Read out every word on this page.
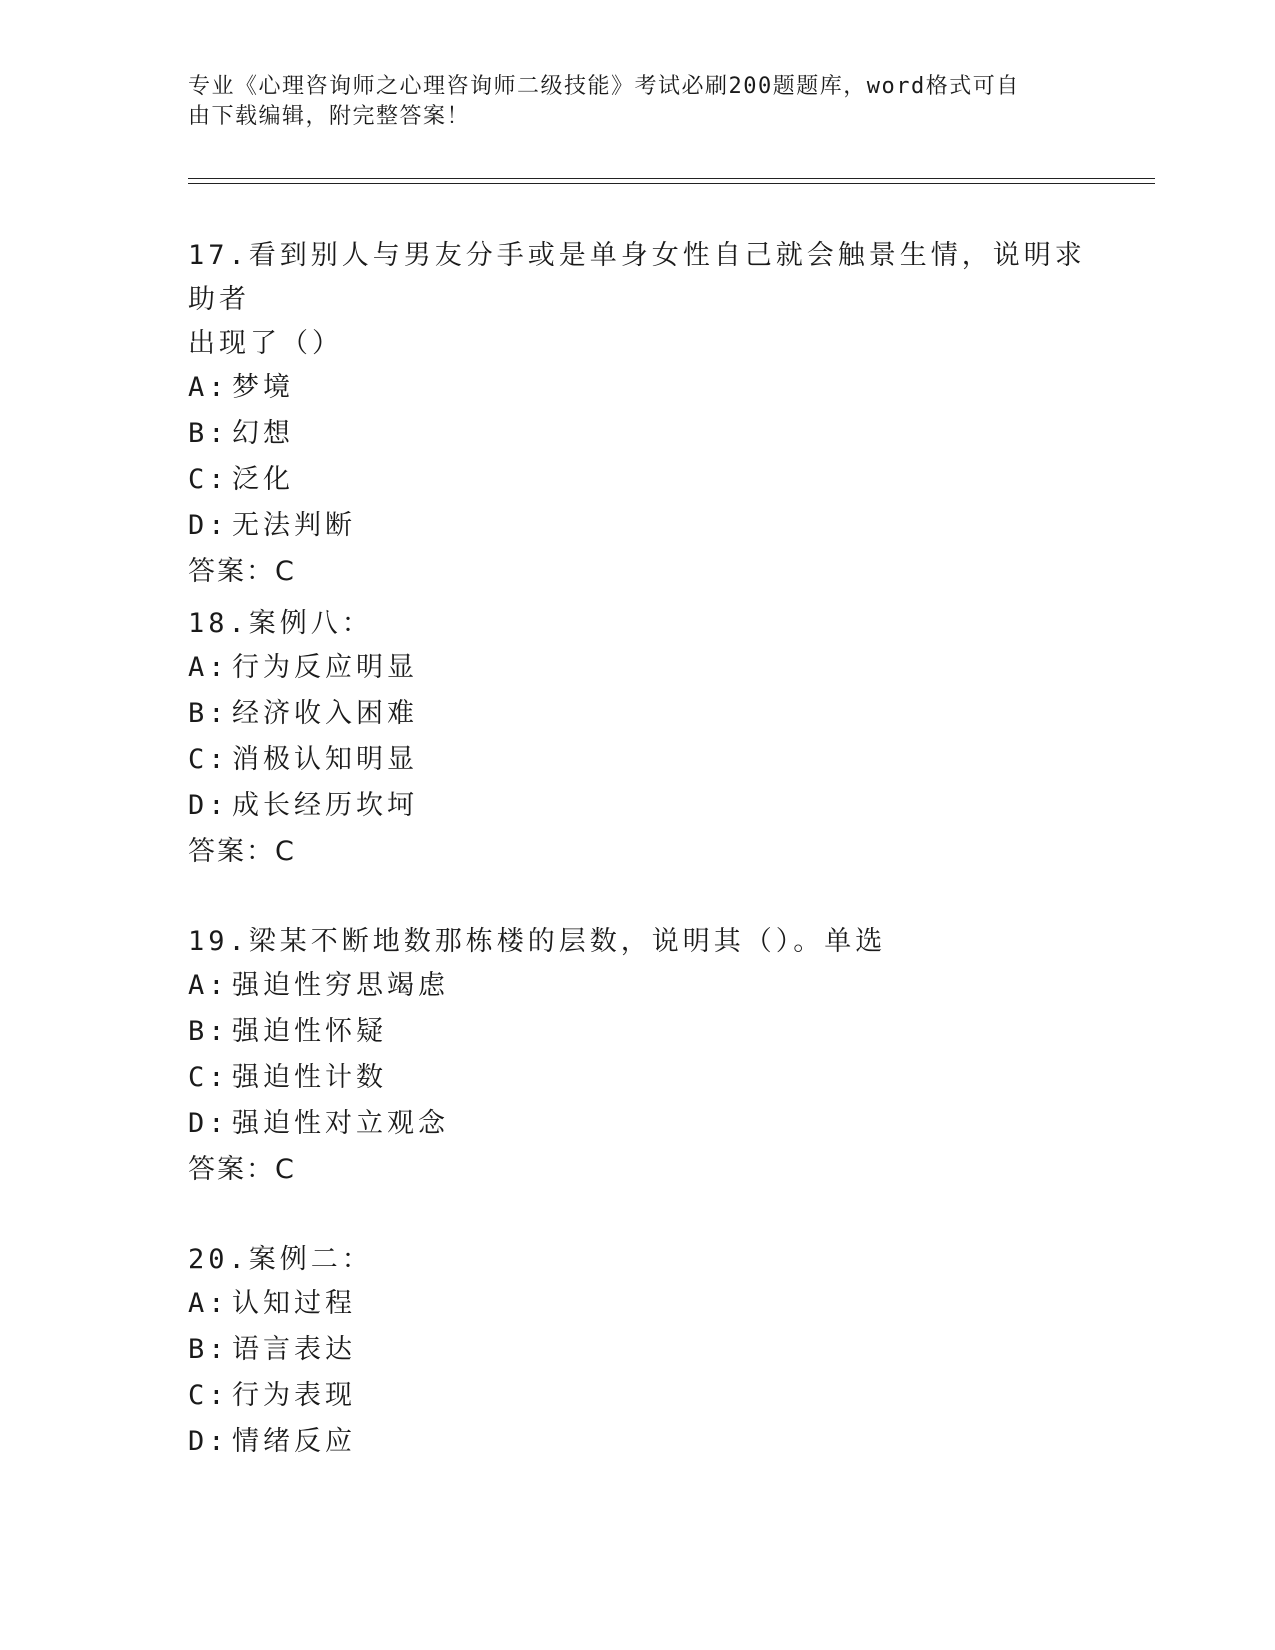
专业《心理咨询师之心理咨询师二级技能》考试必刷200题题库，word格式可自
由下载编辑，附完整答案！
17.看到别人与男友分手或是单身女性自己就会触景生情，说明求助者
出现了（）
A: 梦境
B: 幻想
C: 泛化
D: 无法判断
答案：C
18.案例八：
A: 行为反应明显
B: 经济收入困难
C: 消极认知明显
D: 成长经历坎坷
答案：C
19.梁某不断地数那栋楼的层数，说明其（）。单选
A: 强迫性穷思竭虑
B: 强迫性怀疑
C: 强迫性计数
D: 强迫性对立观念
答案：C
20.案例二：
A: 认知过程
B: 语言表达
C: 行为表现
D: 情绪反应
